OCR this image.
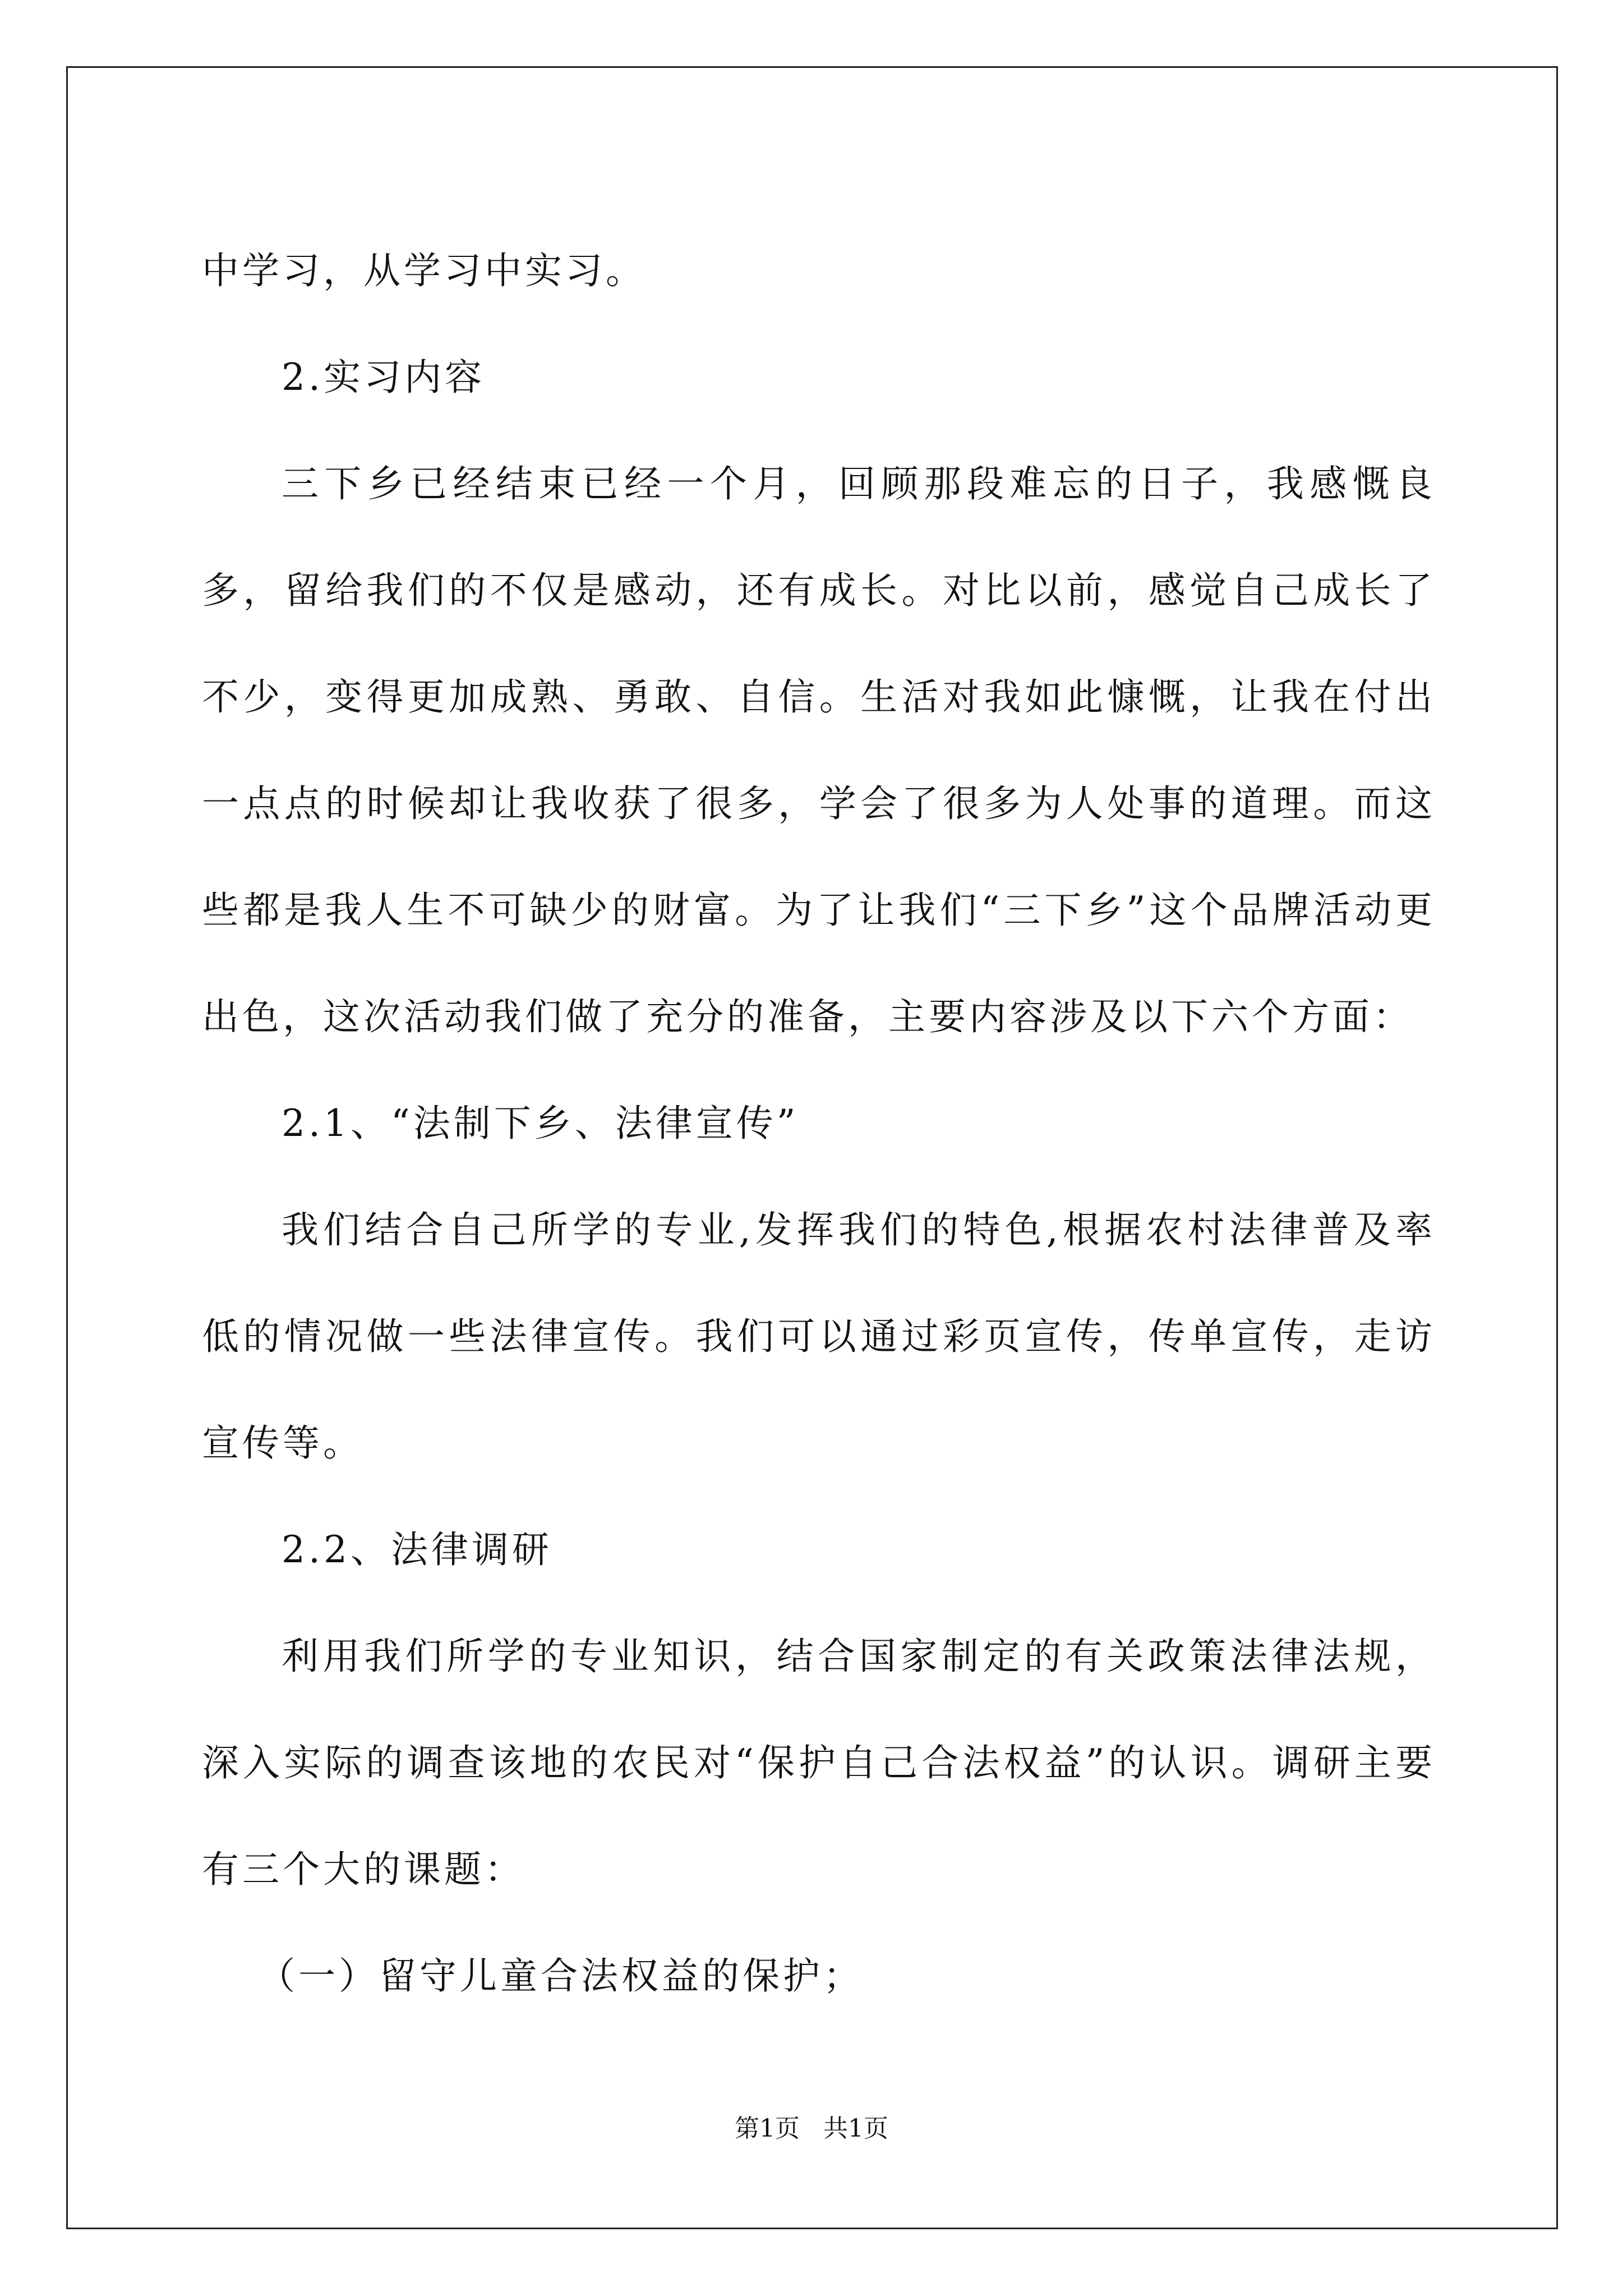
中学习，从学习中实习。

2.实习内容

三下乡已经结束已经一个月，回顾那段难忘的日子，我感慨良多，留给我们的不仅是感动，还有成长。对比以前，感觉自己成长了不少，变得更加成熟、勇敢、自信。生活对我如此慷慨，让我在付出一点点的时候却让我收获了很多，学会了很多为人处事的道理。而这些都是我人生不可缺少的财富。为了让我们“三下乡”这个品牌活动更出色，这次活动我们做了充分的准备，主要内容涉及以下六个方面：

2.1、“法制下乡、法律宣传”

我们结合自己所学的专业,发挥我们的特色,根据农村法律普及率低的情况做一些法律宣传。我们可以通过彩页宣传，传单宣传，走访宣传等。

2.2、法律调研

利用我们所学的专业知识，结合国家制定的有关政策法律法规，深入实际的调查该地的农民对“保护自己合法权益”的认识。调研主要有三个大的课题：

（一）留守儿童合法权益的保护；

第1页 共1页
